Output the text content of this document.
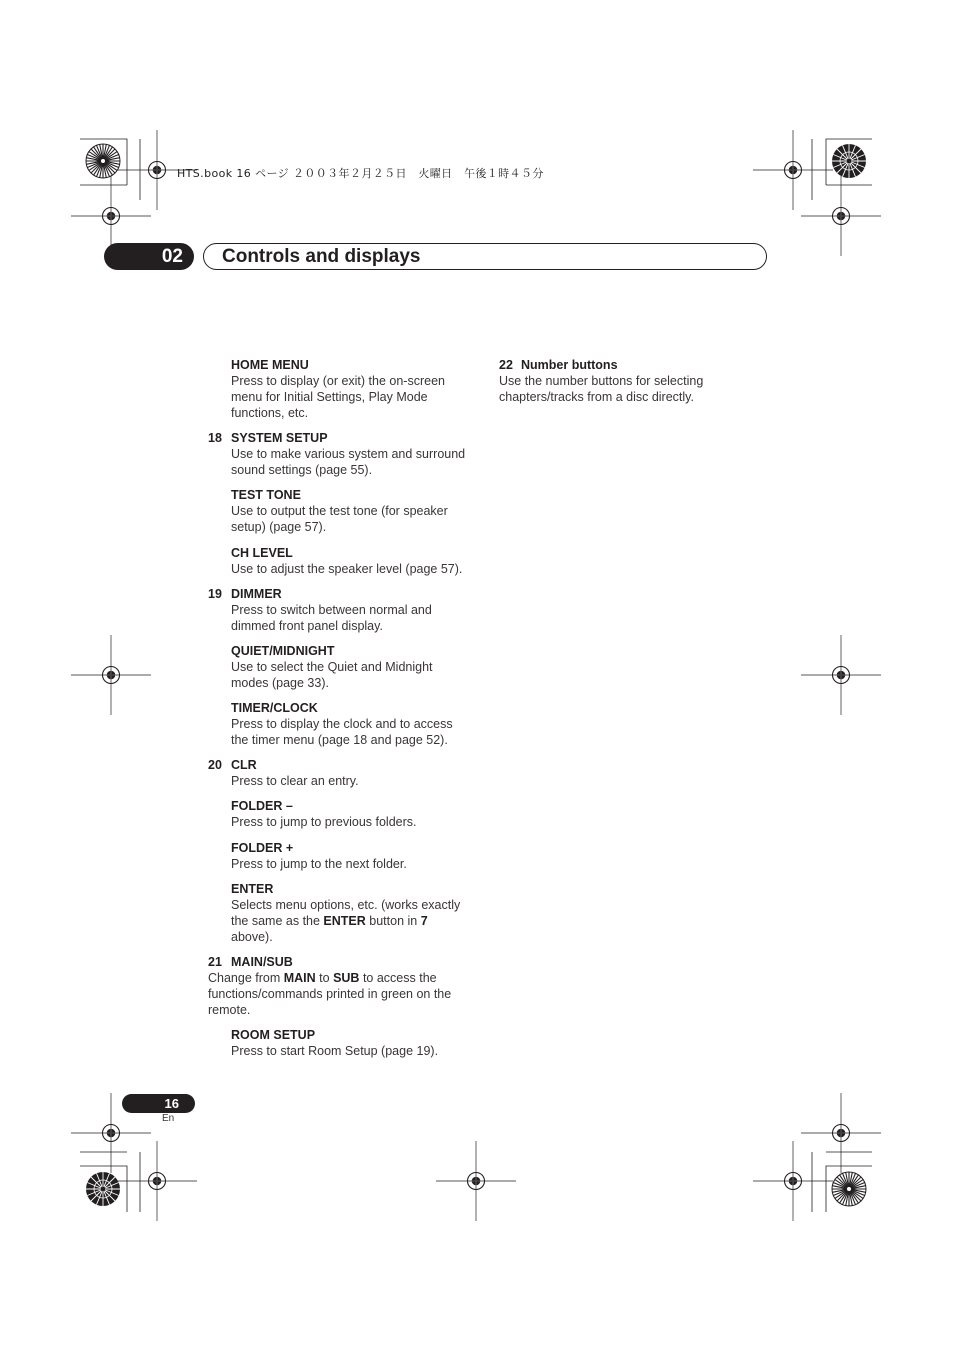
HTS.book 16 ページ ２００３年２月２５日　火曜日　午後１時４５分
02	Controls and displays
HOME MENU
Press to display (or exit) the on-screen
menu for Initial Settings, Play Mode
functions, etc.
18 SYSTEM SETUP
Use to make various system and surround
sound settings (page 55).
TEST TONE
Use to output the test tone (for speaker
setup) (page 57).
CH LEVEL
Use to adjust the speaker level (page 57).
19 DIMMER
Press to switch between normal and
dimmed front panel display.
QUIET/MIDNIGHT
Use to select the Quiet and Midnight
modes (page 33).
TIMER/CLOCK
Press to display the clock and to access
the timer menu (page 18 and page 52).
20 CLR
Press to clear an entry.
FOLDER –
Press to jump to previous folders.
FOLDER +
Press to jump to the next folder.
ENTER
Selects menu options, etc. (works exactly
the same as the ENTER button in 7
above).
21 MAIN/SUB
Change from MAIN to SUB to access the
functions/commands printed in green on the
remote.
ROOM SETUP
Press to start Room Setup (page 19).
22 Number buttons
Use the number buttons for selecting
chapters/tracks from a disc directly.
16
En
